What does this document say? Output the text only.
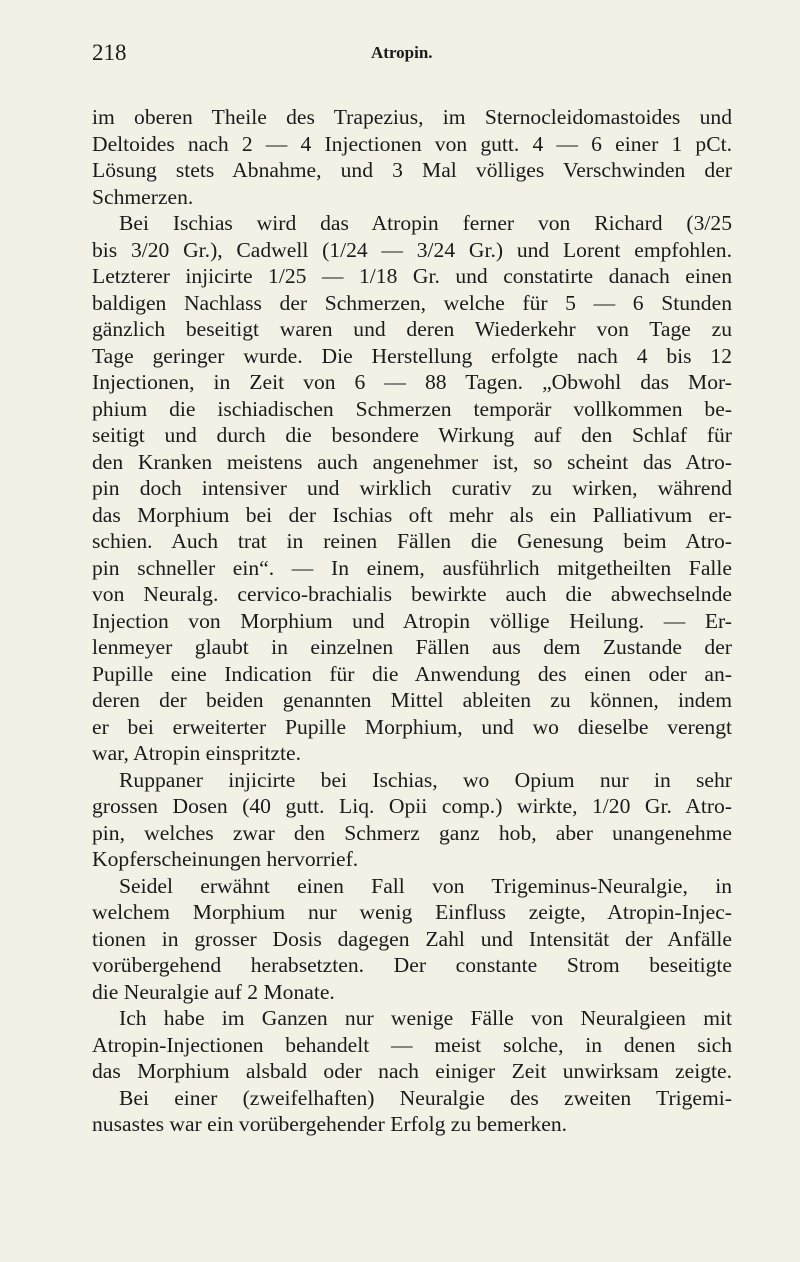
218	Atropin.
im oberen Theile des Trapezius, im Sternocleidomastoides und
Deltoides nach 2 — 4 Injectionen von gutt. 4 — 6 einer 1 pCt.
Lösung stets Abnahme, und 3 Mal völliges Verschwinden der
Schmerzen.
Bei Ischias wird das Atropin ferner von Richard (3/25
bis 3/20 Gr.), Cadwell (1/24 — 3/24 Gr.) und Lorent empfohlen.
Letzterer injicirte 1/25 — 1/18 Gr. und constatirte danach einen
baldigen Nachlass der Schmerzen, welche für 5 — 6 Stunden
gänzlich beseitigt waren und deren Wiederkehr von Tage zu
Tage geringer wurde. Die Herstellung erfolgte nach 4 bis 12
Injectionen, in Zeit von 6 — 88 Tagen. „Obwohl das Mor-
phium die ischiadischen Schmerzen temporär vollkommen be-
seitigt und durch die besondere Wirkung auf den Schlaf für
den Kranken meistens auch angenehmer ist, so scheint das Atro-
pin doch intensiver und wirklich curativ zu wirken, während
das Morphium bei der Ischias oft mehr als ein Palliativum er-
schien. Auch trat in reinen Fällen die Genesung beim Atro-
pin schneller ein“. — In einem, ausführlich mitgetheilten Falle
von Neuralg. cervico-brachialis bewirkte auch die abwechselnde
Injection von Morphium und Atropin völlige Heilung. — Er-
lenmeyer glaubt in einzelnen Fällen aus dem Zustande der
Pupille eine Indication für die Anwendung des einen oder an-
deren der beiden genannten Mittel ableiten zu können, indem
er bei erweiterter Pupille Morphium, und wo dieselbe verengt
war, Atropin einspritzte.
Ruppaner injicirte bei Ischias, wo Opium nur in sehr
grossen Dosen (40 gutt. Liq. Opii comp.) wirkte, 1/20 Gr. Atro-
pin, welches zwar den Schmerz ganz hob, aber unangenehme
Kopferscheinungen hervorrief.
Seidel erwähnt einen Fall von Trigeminus-Neuralgie, in
welchem Morphium nur wenig Einfluss zeigte, Atropin-Injec-
tionen in grosser Dosis dagegen Zahl und Intensität der Anfälle
vorübergehend herabsetzten. Der constante Strom beseitigte
die Neuralgie auf 2 Monate.
Ich habe im Ganzen nur wenige Fälle von Neuralgieen mit
Atropin-Injectionen behandelt — meist solche, in denen sich
das Morphium alsbald oder nach einiger Zeit unwirksam zeigte.
Bei einer (zweifelhaften) Neuralgie des zweiten Trigemi-
nusastes war ein vorübergehender Erfolg zu bemerken.
